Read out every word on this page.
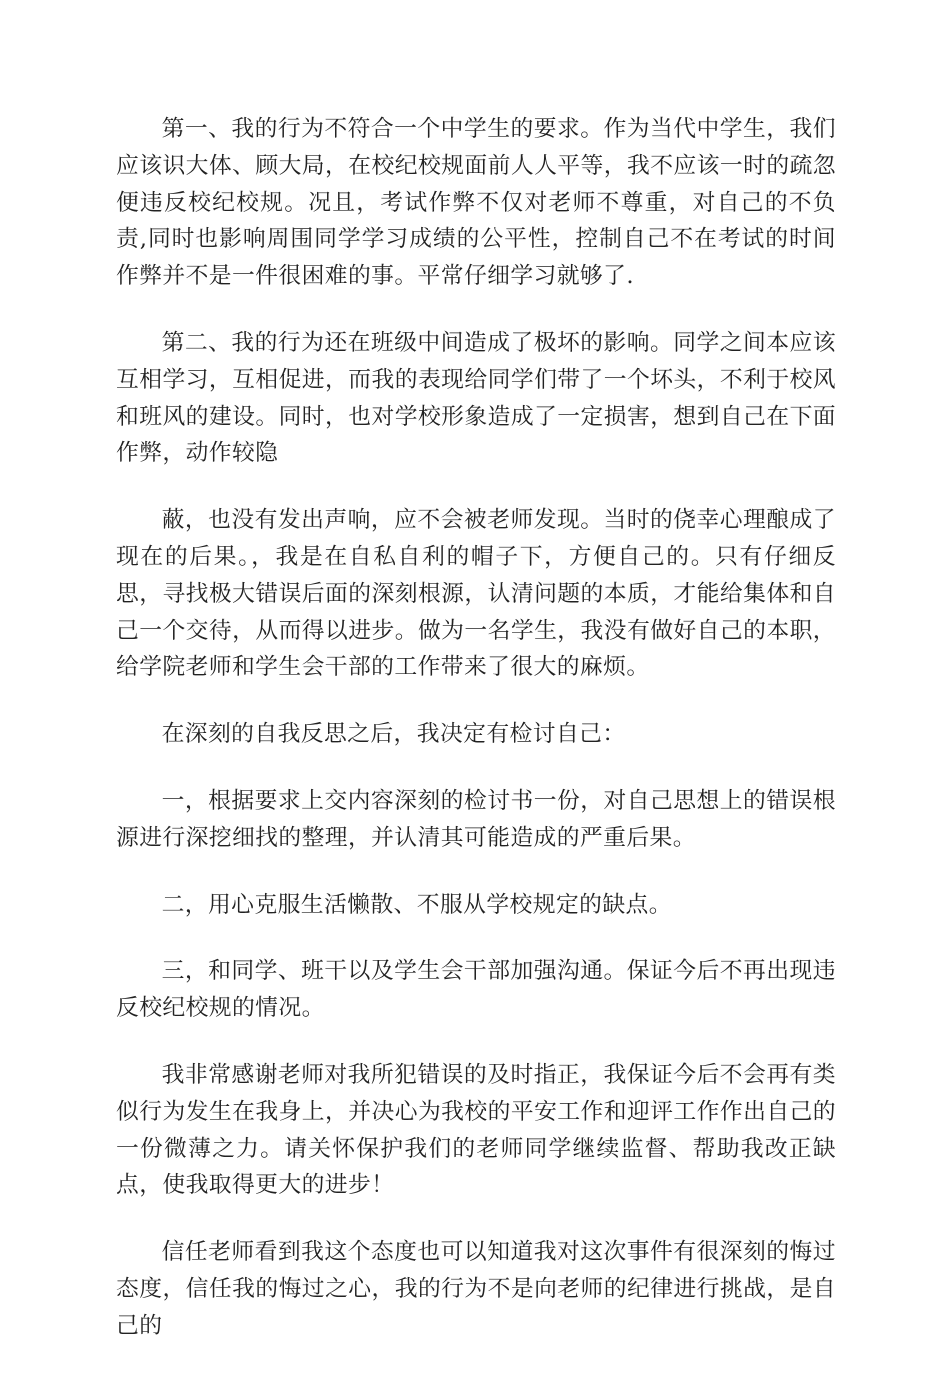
第一、我的行为不符合一个中学生的要求。作为当代中学生，我们应该识大体、顾大局，在校纪校规面前人人平等，我不应该一时的疏忽便违反校纪校规。况且，考试作弊不仅对老师不尊重，对自己的不负责,同时也影响周围同学学习成绩的公平性，控制自己不在考试的时间作弊并不是一件很困难的事。平常仔细学习就够了.

第二、我的行为还在班级中间造成了极坏的影响。同学之间本应该互相学习，互相促进，而我的表现给同学们带了一个坏头，不利于校风和班风的建设。同时，也对学校形象造成了一定损害，想到自己在下面作弊，动作较隐

蔽，也没有发出声响，应不会被老师发现。当时的侥幸心理酿成了现在的后果。，我是在自私自利的帽子下，方便自己的。只有仔细反思，寻找极大错误后面的深刻根源，认清问题的本质，才能给集体和自己一个交待，从而得以进步。做为一名学生，我没有做好自己的本职，给学院老师和学生会干部的工作带来了很大的麻烦。

在深刻的自我反思之后，我决定有检讨自己：

一，根据要求上交内容深刻的检讨书一份，对自己思想上的错误根源进行深挖细找的整理，并认清其可能造成的严重后果。

二，用心克服生活懒散、不服从学校规定的缺点。

三，和同学、班干以及学生会干部加强沟通。保证今后不再出现违反校纪校规的情况。

我非常感谢老师对我所犯错误的及时指正，我保证今后不会再有类似行为发生在我身上，并决心为我校的平安工作和迎评工作作出自己的一份微薄之力。请关怀保护我们的老师同学继续监督、帮助我改正缺点，使我取得更大的进步！

信任老师看到我这个态度也可以知道我对这次事件有很深刻的悔过态度，信任我的悔过之心，我的行为不是向老师的纪律进行挑战，是自己的
